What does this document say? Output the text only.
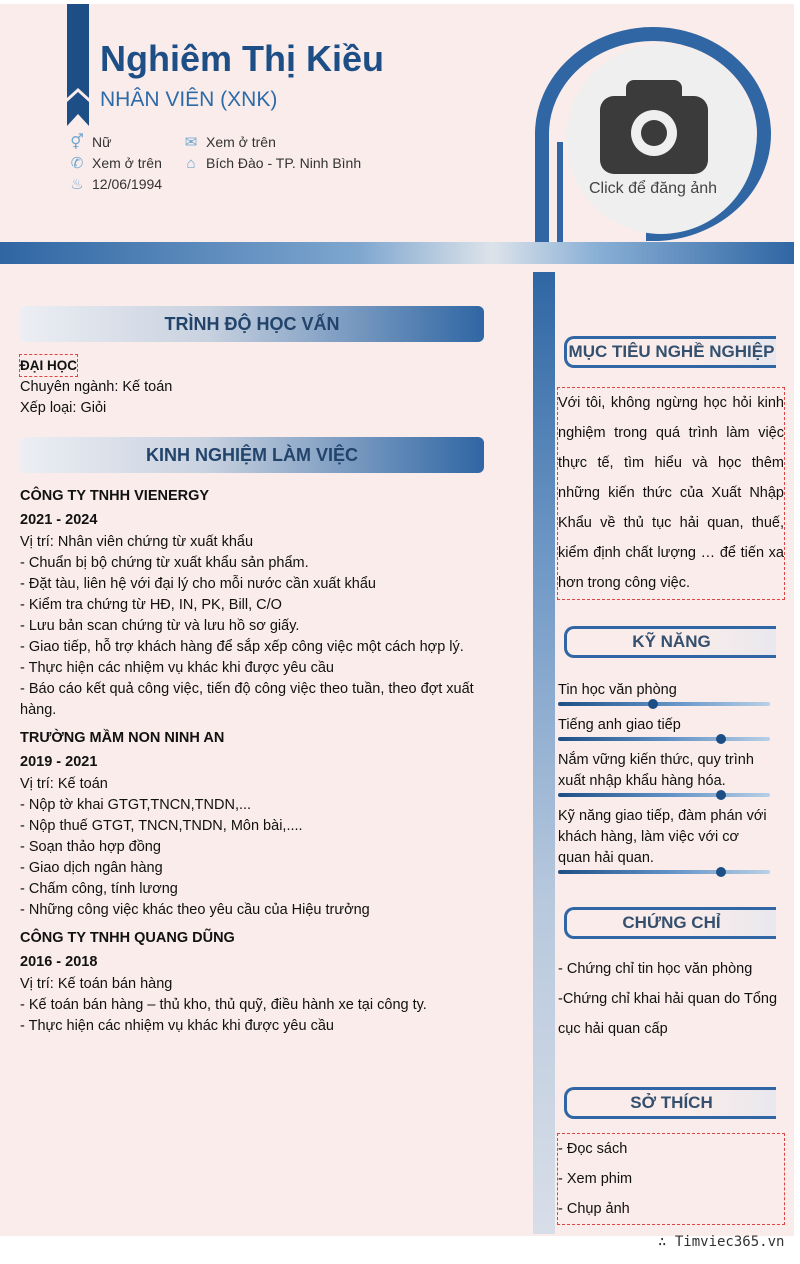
Nghiêm Thị Kiều
NHÂN VIÊN (XNK)
⚥ Nữ	✉ Xem ở trên
✆ Xem ở trên ⌂ Bích Đào - TP. Ninh Bình
♨ 12/06/1994	Click để đăng ảnh
TRÌNH ĐỘ HỌC VẤN
ĐẠI HỌC
Chuyên ngành: Kế toán
Xếp loại: Giỏi
KINH NGHIỆM LÀM VIỆC
CÔNG TY TNHH VIENERGY
2021 - 2024
Vị trí: Nhân viên chứng từ xuất khẩu
- Chuẩn bị bộ chứng từ xuất khẩu sản phẩm.
- Đặt tàu, liên hệ với đại lý cho mỗi nước cần xuất khẩu
- Kiểm tra chứng từ HĐ, IN, PK, Bill, C/O
- Lưu bản scan chứng từ và lưu hồ sơ giấy.
- Giao tiếp, hỗ trợ khách hàng để sắp xếp công việc một cách hợp lý.
- Thực hiện các nhiệm vụ khác khi được yêu cầu
- Báo cáo kết quả công việc, tiến độ công việc theo tuần, theo đợt xuất
hàng.
TRƯỜNG MẦM NON NINH AN
2019 - 2021
Vị trí: Kế toán
- Nộp tờ khai GTGT,TNCN,TNDN,...
- Nộp thuế GTGT, TNCN,TNDN, Môn bài,....
- Soạn thảo hợp đồng
- Giao dịch ngân hàng
- Chấm công, tính lương
- Những công việc khác theo yêu cầu của Hiệu trưởng
CÔNG TY TNHH QUANG DŨNG
2016 - 2018
Vị trí: Kế toán bán hàng
- Kế toán bán hàng – thủ kho, thủ quỹ, điều hành xe tại công ty.
- Thực hiện các nhiệm vụ khác khi được yêu cầu
MỤC TIÊU NGHỀ NGHIỆP
Với tôi, không ngừng học hỏi kinh nghiệm trong quá trình làm việc thực tế, tìm hiểu và học thêm những kiến thức của Xuất Nhập Khẩu về thủ tục hải quan, thuế, kiểm định chất lượng … để tiến xa hơn trong công việc.
KỸ NĂNG
Tin học văn phòng
Tiếng anh giao tiếp
Nắm vững kiến thức, quy trình xuất nhập khẩu hàng hóa.
Kỹ năng giao tiếp, đàm phán với khách hàng, làm việc với cơ quan hải quan.
CHỨNG CHỈ
- Chứng chỉ tin học văn phòng
-Chứng chỉ khai hải quan do Tổng
cục hải quan cấp
SỞ THÍCH
- Đọc sách
- Xem phim
- Chụp ảnh
∴ Timviec365.vn
